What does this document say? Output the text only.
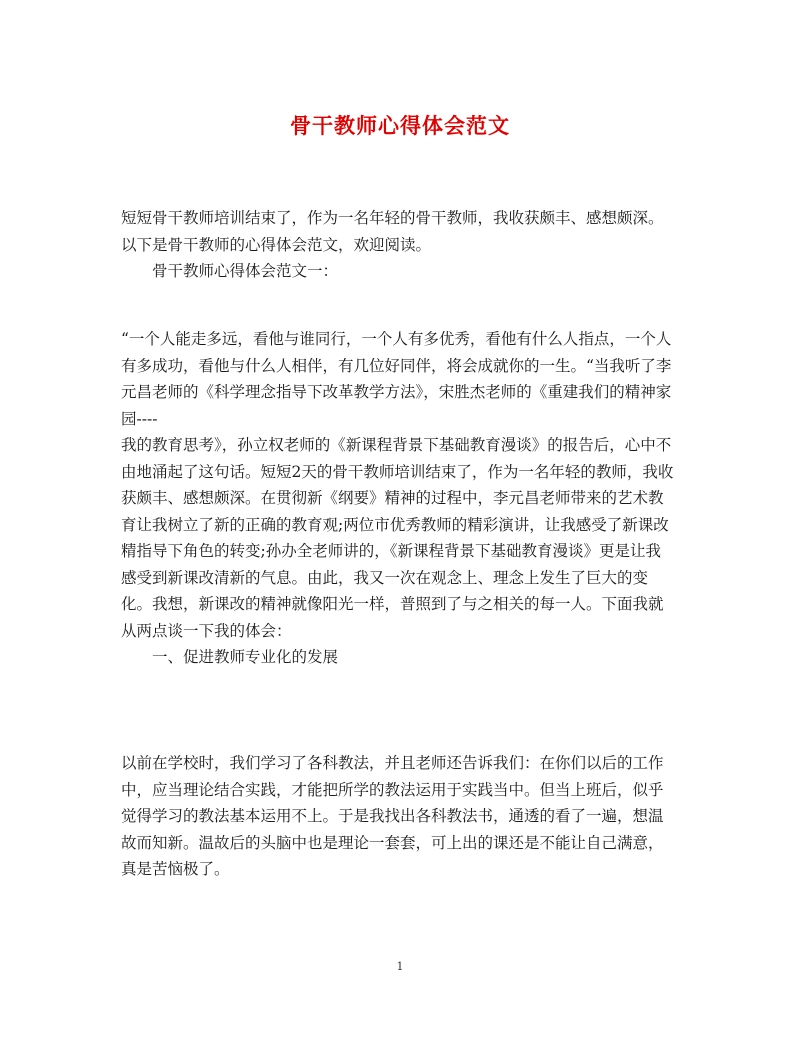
骨干教师心得体会范文

短短骨干教师培训结束了，作为一名年轻的骨干教师，我收获颇丰、感想颇深。

以下是骨干教师的心得体会范文，欢迎阅读。

骨干教师心得体会范文一：

“一个人能走多远，看他与谁同行，一个人有多优秀，看他有什么人指点，一个人有多成功，看他与什么人相伴，有几位好同伴，将会成就你的一生。“当我听了李元昌老师的《科学理念指导下改革教学方法》，宋胜杰老师的《重建我们的精神家园----

我的教育思考》，孙立权老师的《新课程背景下基础教育漫谈》的报告后，心中不由地涌起了这句话。短短2天的骨干教师培训结束了，作为一名年轻的教师，我收获颇丰、感想颇深。在贯彻新《纲要》精神的过程中，李元昌老师带来的艺术教育让我树立了新的正确的教育观;两位市优秀教师的精彩演讲，让我感受了新课改精指导下角色的转变;孙办全老师讲的，《新课程背景下基础教育漫谈》更是让我感受到新课改清新的气息。由此，我又一次在观念上、理念上发生了巨大的变化。我想，新课改的精神就像阳光一样，普照到了与之相关的每一人。下面我就从两点谈一下我的体会：

一、促进教师专业化的发展

以前在学校时，我们学习了各科教法，并且老师还告诉我们：在你们以后的工作中，应当理论结合实践，才能把所学的教法运用于实践当中。但当上班后，似乎觉得学习的教法基本运用不上。于是我找出各科教法书，通透的看了一遍，想温故而知新。温故后的头脑中也是理论一套套，可上出的课还是不能让自己满意，真是苦恼极了。

1
